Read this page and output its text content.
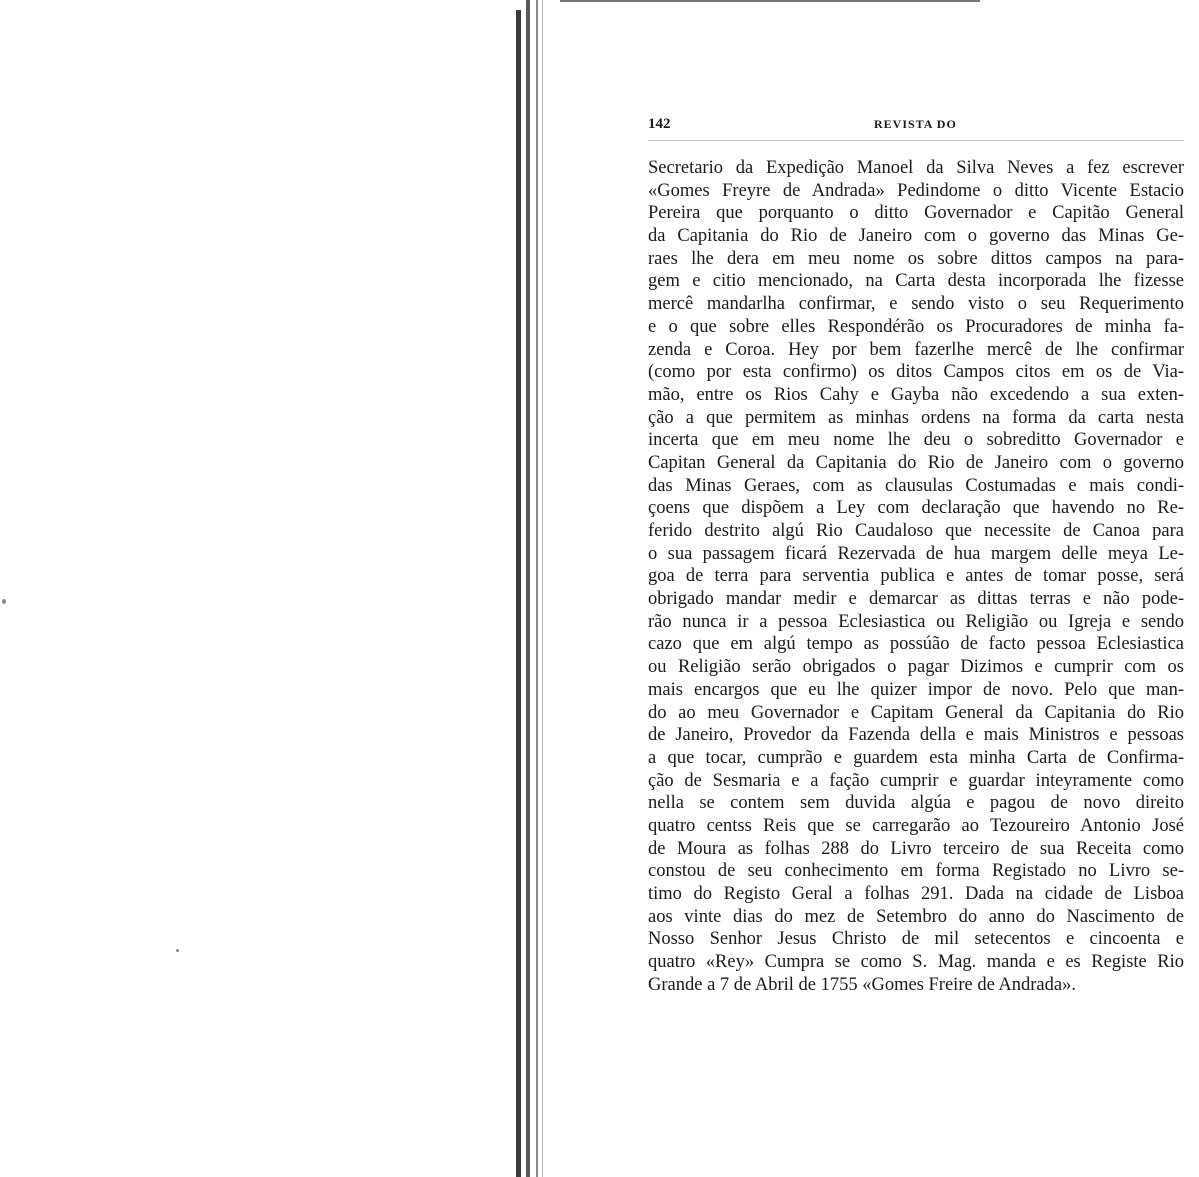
142	REVISTA DO
Secretario da Expedição Manoel da Silva Neves a fez escrever
«Gomes Freyre de Andrada» Pedindome o ditto Vicente Estacio
Pereira que porquanto o ditto Governador e Capitão General
da Capitania do Rio de Janeiro com o governo das Minas Ge-
raes lhe dera em meu nome os sobre dittos campos na para-
gem e citio mencionado, na Carta desta incorporada lhe fizesse
mercê mandarlha confirmar, e sendo visto o seu Requerimento
e o que sobre elles Respondérão os Procuradores de minha fa-
zenda e Coroa. Hey por bem fazerlhe mercê de lhe confirmar
(como por esta confirmo) os ditos Campos citos em os de Via-
mão, entre os Rios Cahy e Gayba não excedendo a sua exten-
ção a que permitem as minhas ordens na forma da carta nesta
incerta que em meu nome lhe deu o sobreditto Governador e
Capitan General da Capitania do Rio de Janeiro com o governo
das Minas Geraes, com as clausulas Costumadas e mais condi-
çoens que dispõem a Ley com declaração que havendo no Re-
ferido destrito algú Rio Caudaloso que necessite de Canoa para
o sua passagem ficará Rezervada de hua margem delle meya Le-
goa de terra para serventia publica e antes de tomar posse, será
obrigado mandar medir e demarcar as dittas terras e não pode-
rão nunca ir a pessoa Eclesiastica ou Religião ou Igreja e sendo
cazo que em algú tempo as possúão de facto pessoa Eclesiastica
ou Religião serão obrigados o pagar Dizimos e cumprir com os
mais encargos que eu lhe quizer impor de novo. Pelo que man-
do ao meu Governador e Capitam General da Capitania do Rio
de Janeiro, Provedor da Fazenda della e mais Ministros e pessoas
a que tocar, cumprão e guardem esta minha Carta de Confirma-
ção de Sesmaria e a fação cumprir e guardar inteyramente como
nella se contem sem duvida algúa e pagou de novo direito
quatro centss Reis que se carregarão ao Tezoureiro Antonio José
de Moura as folhas 288 do Livro terceiro de sua Receita como
constou de seu conhecimento em forma Registado no Livro se-
timo do Registo Geral a folhas 291. Dada na cidade de Lisboa
aos vinte dias do mez de Setembro do anno do Nascimento de
Nosso Senhor Jesus Christo de mil setecentos e cincoenta e
quatro «Rey» Cumpra se como S. Mag. manda e es Registe Rio
Grande a 7 de Abril de 1755 «Gomes Freire de Andrada».
